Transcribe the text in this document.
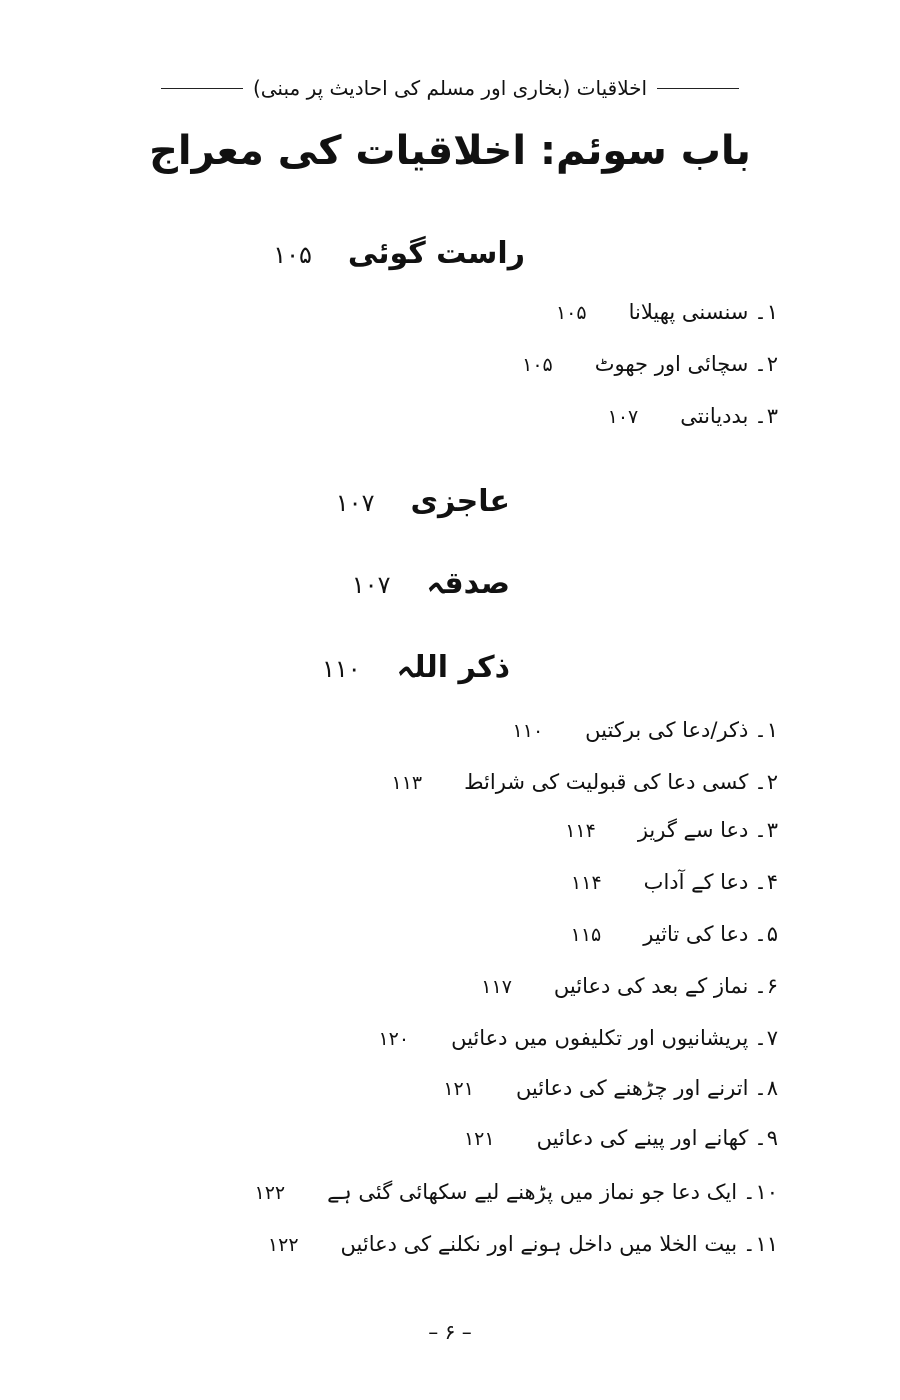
اخلاقیات (بخاری اور مسلم کی احادیث پر مبنی)
باب سوئم: اخلاقیات کی معراج
راست گوئی
۱۰۵
۱۔
سنسنی پھیلانا
۱۰۵
۲۔
سچائی اور جھوٹ
۱۰۵
۳۔
بددیانتی
۱۰۷
عاجزی
۱۰۷
صدقہ
۱۰۷
ذکر اللہ
۱۱۰
۱۔
ذکر/دعا کی برکتیں
۱۱۰
۲۔
کسی دعا کی قبولیت کی شرائط
۱۱۳
۳۔
دعا سے گریز
۱۱۴
۴۔
دعا کے آداب
۱۱۴
۵۔
دعا کی تاثیر
۱۱۵
۶۔
نماز کے بعد کی دعائیں
۱۱۷
۷۔
پریشانیوں اور تکلیفوں میں دعائیں
۱۲۰
۸۔
اترنے اور چڑھنے کی دعائیں
۱۲۱
۹۔
کھانے اور پینے کی دعائیں
۱۲۱
۱۰۔
ایک دعا جو نماز میں پڑھنے لیے سکھائی گئی ہے
۱۲۲
۱۱۔
بیت الخلا میں داخل ہونے اور نکلنے کی دعائیں
۱۲۲
– ۶ –
